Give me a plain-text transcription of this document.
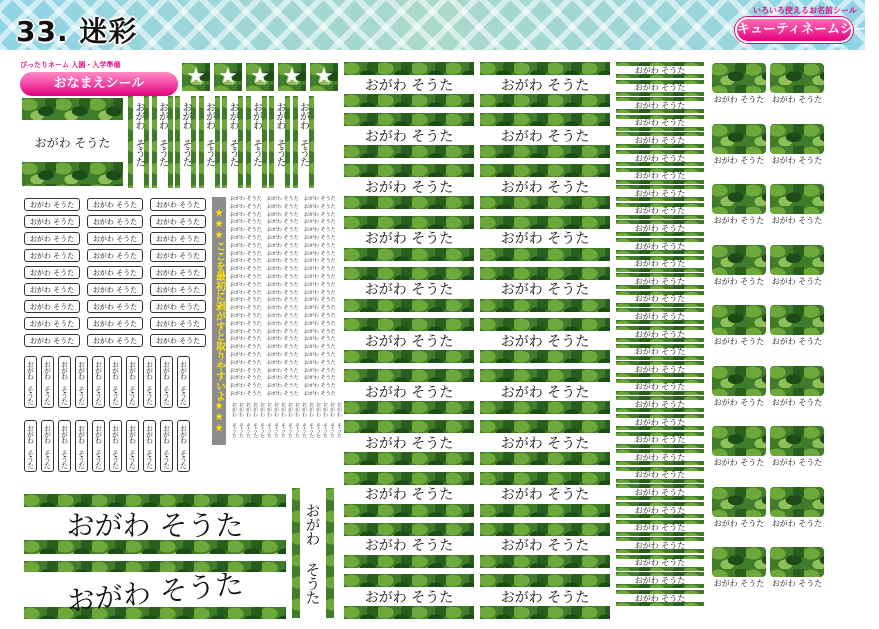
33. 迷彩
いろいろ使えるお名前シール
キューティネームシール
ぴったりネーム 入園・入学準備
おなまえシール	★ ★ ★ ★ ★
おがわ そうた	おがわ そうた おがわ そうた おがわ そうた おがわ そうた おがわ そうた おがわ そうた おがわ そうた おがわ そうた
おがわ そうた
おがわ そうた
おがわ そうた
おがわ そうた
おがわ そうた
おがわ そうた
おがわ そうた
おがわ そうた
おがわ そうた
おがわ そうた
おがわ そうた
おがわ そうた
おがわ そうた
おがわ そうた
おがわ そうた
おがわ そうた
おがわ そうた
おがわ そうた
おがわ そうた
おがわ そうた
おがわ そうた
おがわ そうた
おがわ そうた
おがわ そうた
おがわ そうた
おがわ そうた
おがわ そうた
おがわ そうた おがわ そうた おがわ そうた おがわ そうた おがわ そうた おがわ そうた おがわ そうた おがわ そうた おがわ そうた おがわ そうた
おがわ そうた おがわ そうた おがわ そうた おがわ そうた おがわ そうた おがわ そうた おがわ そうた おがわ そうた おがわ そうた おがわ そうた
★★★ここを最初に剥がすと取りやすいよ★★★
おがわ そうた
おがわ そうた
おがわ そうた
おがわ そうた
おがわ そうた
おがわ そうた
おがわ そうた
おがわ そうた
おがわ そうた
おがわ そうた
おがわ そうた
おがわ そうた
おがわ そうた
おがわ そうた
おがわ そうた
おがわ そうた
おがわ そうた
おがわ そうた
おがわ そうた
おがわ そうた
おがわ そうた
おがわ そうた
おがわ そうた
おがわ そうた
おがわ そうた
おがわ そうた
おがわ そうた
おがわ そうた
おがわ そうた
おがわ そうた
おがわ そうた
おがわ そうた
おがわ そうた
おがわ そうた
おがわ そうた
おがわ そうた
おがわ そうた
おがわ そうた
おがわ そうた
おがわ そうた
おがわ そうた
おがわ そうた
おがわ そうた
おがわ そうた
おがわ そうた
おがわ そうた
おがわ そうた
おがわ そうた
おがわ そうた
おがわ そうた
おがわ そうた
おがわ そうた
おがわ そうた
おがわ そうた
おがわ そうた
おがわ そうた
おがわ そうた
おがわ そうた
おがわ そうた
おがわ そうた
おがわ そうた
おがわ そうた
おがわ そうた
おがわ そうた
おがわ そうた
おがわ そうた
おがわ そうた
おがわ そうた
おがわ そうた
おがわ そうた
おがわ そうた
おがわ そうた
おがわ そうた
おがわ そうた
おがわ そうた
おがわ そうた
おがわ そうた
おがわ そうた
おがわ そうた おがわ そうた おがわ そうた おがわ そうた おがわ そうた おがわ そうた おがわ そうた おがわ そうた おがわ そうた おがわ そうた おがわ そうた おがわ そうた おがわ そうた おがわ そうた おがわ そうた おがわ そうた
おがわ そうた
おがわ そうた	おがわ そうた
おがわ そうた
おがわ そうた
おがわ そうた
おがわ そうた
おがわ そうた
おがわ そうた
おがわ そうた
おがわ そうた
おがわ そうた
おがわ そうた
おがわ そうた
おがわ そうた
おがわ そうた
おがわ そうた
おがわ そうた
おがわ そうた
おがわ そうた
おがわ そうた
おがわ そうた
おがわ そうた
おがわ そうた
おがわ そうた
おがわ そうた
おがわ そうた
おがわ そうた
おがわ そうた
おがわ そうた
おがわ そうた
おがわ そうた
おがわ そうた
おがわ そうた
おがわ そうた
おがわ そうた
おがわ そうた
おがわ そうた
おがわ そうた
おがわ そうた
おがわ そうた
おがわ そうた
おがわ そうた
おがわ そうた
おがわ そうた
おがわ そうた
おがわ そうた
おがわ そうた
おがわ そうた
おがわ そうた
おがわ そうた
おがわ そうた
おがわ そうた
おがわ そうた
おがわ そうた
おがわ そうた
おがわ そうた
おがわ そうた
おがわ そうた
おがわ そうた
おがわ そうた
おがわ そうた
おがわ そうた
おがわ そうた
おがわ そうた
おがわ そうた
おがわ そうた
おがわ そうた
おがわ そうた
おがわ そうた
おがわ そうた
おがわ そうた
おがわ そうた
おがわ そうた
